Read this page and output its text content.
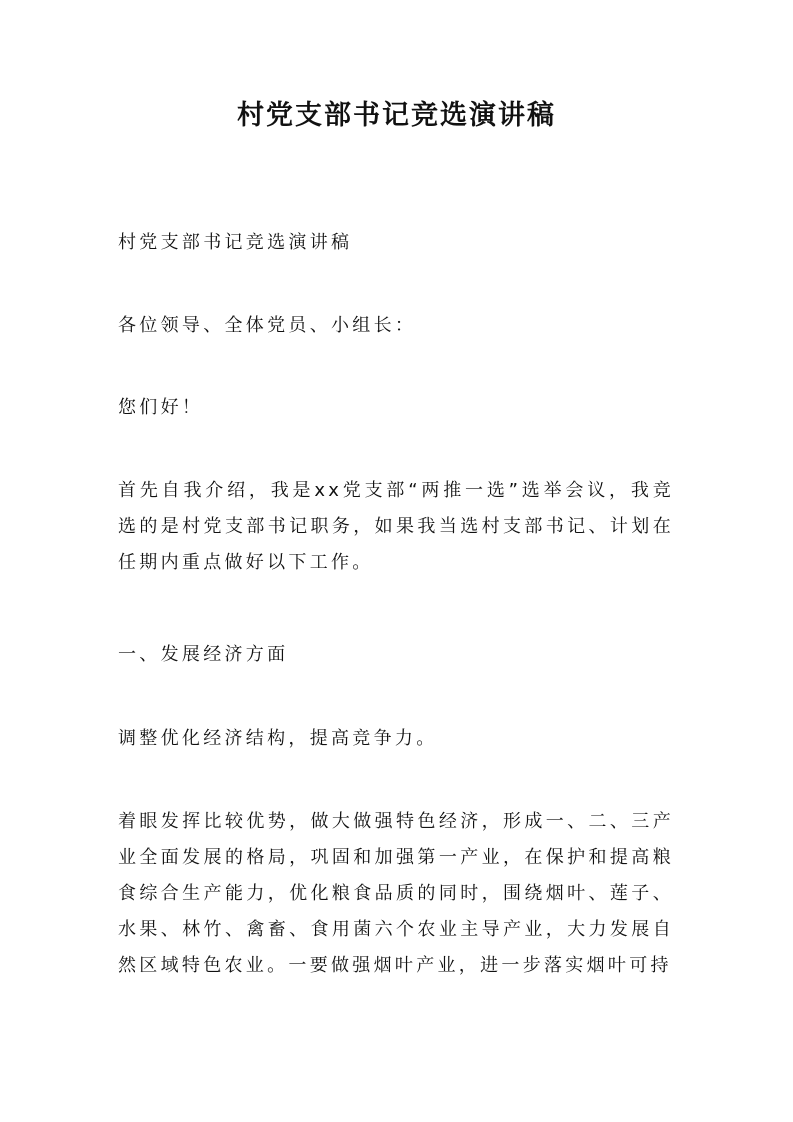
村党支部书记竞选演讲稿

村党支部书记竞选演讲稿

各位领导、全体党员、小组长：

您们好！

首先自我介绍，我是xx党支部“两推一选”选举会议，我竞选的是村党支部书记职务，如果我当选村支部书记、计划在任期内重点做好以下工作。

一、发展经济方面

调整优化经济结构，提高竞争力。

着眼发挥比较优势，做大做强特色经济，形成一、二、三产业全面发展的格局，巩固和加强第一产业，在保护和提高粮食综合生产能力，优化粮食品质的同时，围绕烟叶、莲子、水果、林竹、禽畜、食用菌六个农业主导产业，大力发展自然区域特色农业。一要做强烟叶产业，进一步落实烟叶可持
